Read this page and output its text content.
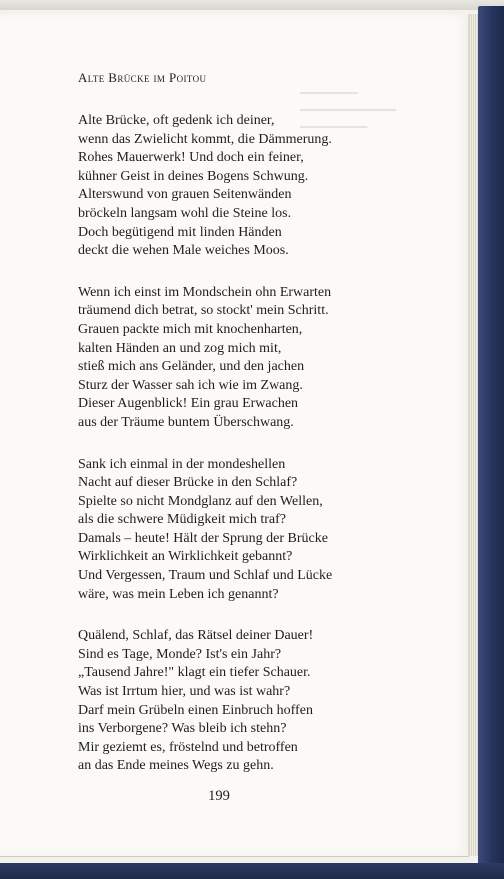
▁▁▁▁▁▁
▁▁▁▁▁▁▁▁▁▁
▁▁▁▁▁▁▁
Alte Brücke im Poitou
Alte Brücke, oft gedenk ich deiner,
wenn das Zwielicht kommt, die Dämmerung.
Rohes Mauerwerk! Und doch ein feiner,
kühner Geist in deines Bogens Schwung.
Alterswund von grauen Seitenwänden
bröckeln langsam wohl die Steine los.
Doch begütigend mit linden Händen
deckt die wehen Male weiches Moos.
Wenn ich einst im Mondschein ohn Erwarten
träumend dich betrat, so stockt' mein Schritt.
Grauen packte mich mit knochenharten,
kalten Händen an und zog mich mit,
stieß mich ans Geländer, und den jachen
Sturz der Wasser sah ich wie im Zwang.
Dieser Augenblick! Ein grau Erwachen
aus der Träume buntem Überschwang.
Sank ich einmal in der mondeshellen
Nacht auf dieser Brücke in den Schlaf?
Spielte so nicht Mondglanz auf den Wellen,
als die schwere Müdigkeit mich traf?
Damals – heute! Hält der Sprung der Brücke
Wirklichkeit an Wirklichkeit gebannt?
Und Vergessen, Traum und Schlaf und Lücke
wäre, was mein Leben ich genannt?
Quälend, Schlaf, das Rätsel deiner Dauer!
Sind es Tage, Monde? Ist's ein Jahr?
„Tausend Jahre!" klagt ein tiefer Schauer.
Was ist Irrtum hier, und was ist wahr?
Darf mein Grübeln einen Einbruch hoffen
ins Verborgene? Was bleib ich stehn?
Mir geziemt es, fröstelnd und betroffen
an das Ende meines Wegs zu gehn.
199
